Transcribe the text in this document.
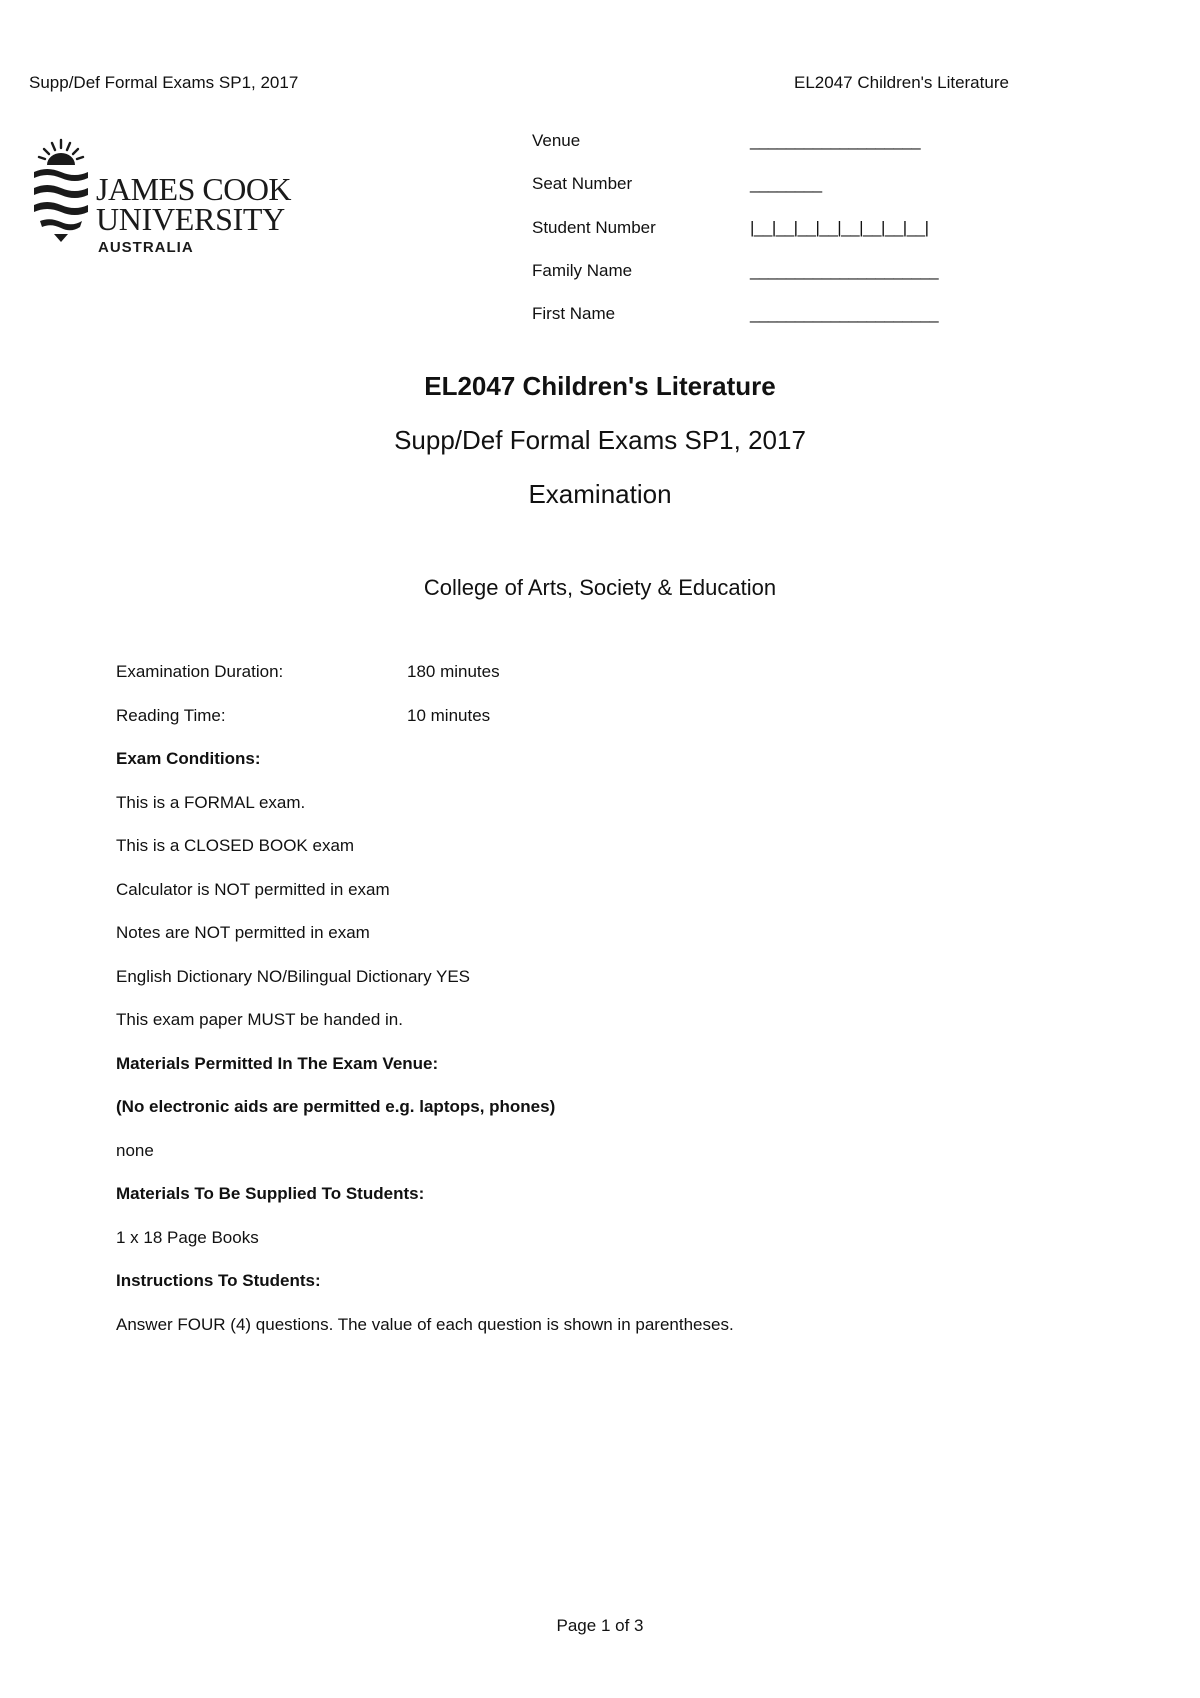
Supp/Def Formal Exams SP1, 2017	EL2047 Children's Literature
JAMES COOK
UNIVERSITY
AUSTRALIA
Venue	___________________
Seat Number	________
Student Number	|__|__|__|__|__|__|__|__|
Family Name	_____________________
First Name	_____________________
EL2047 Children's Literature
Supp/Def Formal Exams SP1, 2017
Examination
College of Arts, Society & Education
Examination Duration:	180 minutes
Reading Time:	10 minutes
Exam Conditions:
This is a FORMAL exam.
This is a CLOSED BOOK exam
Calculator is NOT permitted in exam
Notes are NOT permitted in exam
English Dictionary NO/Bilingual Dictionary YES
This exam paper MUST be handed in.
Materials Permitted In The Exam Venue:
(No electronic aids are permitted e.g. laptops, phones)
none
Materials To Be Supplied To Students:
1 x 18 Page Books
Instructions To Students:
Answer FOUR (4) questions. The value of each question is shown in parentheses.
Page 1 of 3
